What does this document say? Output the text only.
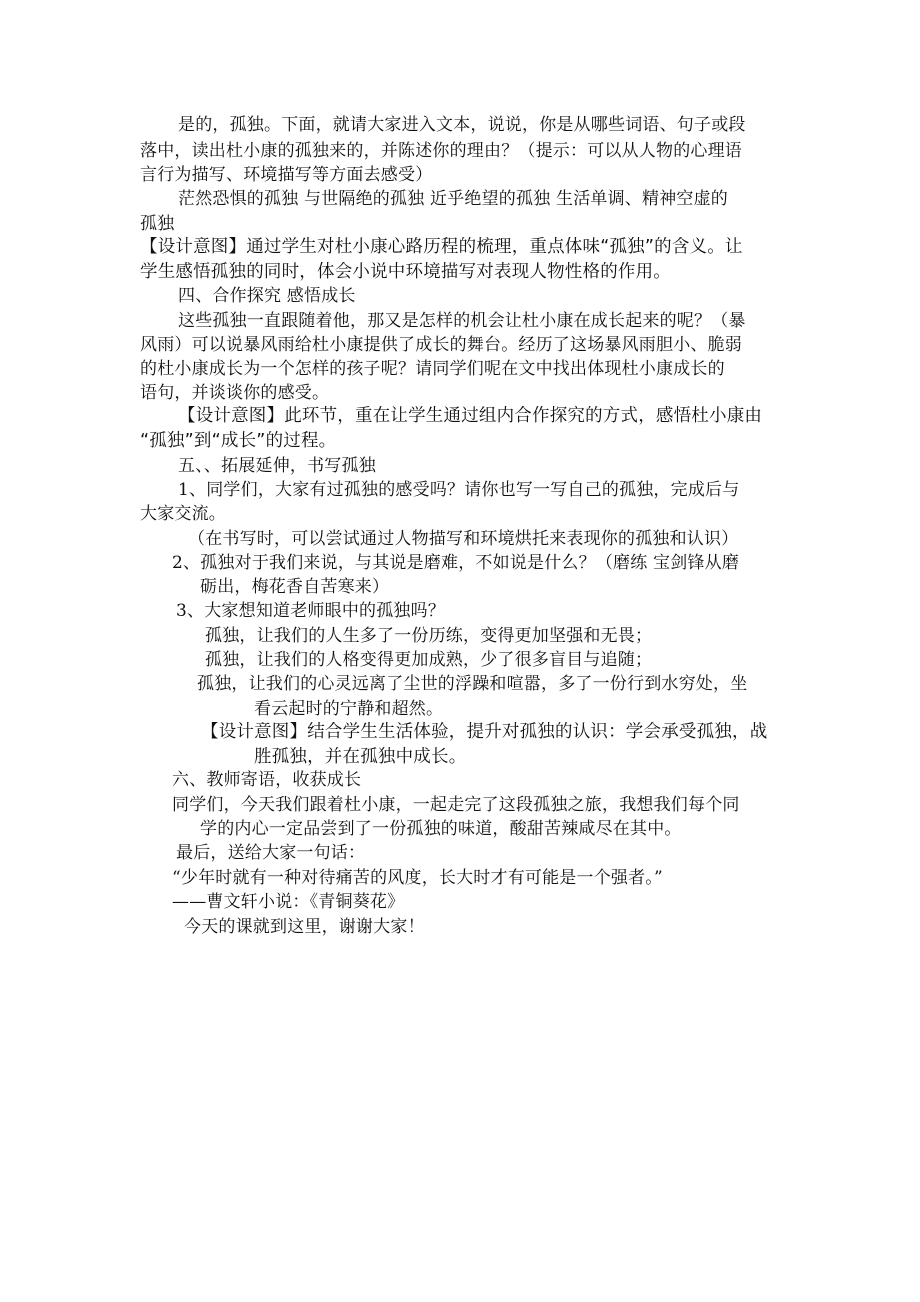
是的，孤独。下面，就请大家进入文本，说说，你是从哪些词语、句子或段
落中，读出杜小康的孤独来的，并陈述你的理由？（提示：可以从人物的心理语
言行为描写、环境描写等方面去感受）
茫然恐惧的孤独 与世隔绝的孤独 近乎绝望的孤独 生活单调、精神空虚的
孤独
【设计意图】通过学生对杜小康心路历程的梳理，重点体味“孤独”的含义。让
学生感悟孤独的同时，体会小说中环境描写对表现人物性格的作用。
四、合作探究 感悟成长
这些孤独一直跟随着他，那又是怎样的机会让杜小康在成长起来的呢？（暴
风雨）可以说暴风雨给杜小康提供了成长的舞台。经历了这场暴风雨胆小、脆弱
的杜小康成长为一个怎样的孩子呢？请同学们呢在文中找出体现杜小康成长的
语句，并谈谈你的感受。
【设计意图】此环节，重在让学生通过组内合作探究的方式，感悟杜小康由
“孤独”到“成长”的过程。
五、、拓展延伸，书写孤独
1、同学们，大家有过孤独的感受吗？请你也写一写自己的孤独，完成后与
大家交流。
（在书写时，可以尝试通过人物描写和环境烘托来表现你的孤独和认识）
2、孤独对于我们来说，与其说是磨难，不如说是什么？（磨练 宝剑锋从磨
砺出，梅花香自苦寒来）
3、大家想知道老师眼中的孤独吗？
孤独，让我们的人生多了一份历练，变得更加坚强和无畏；
孤独，让我们的人格变得更加成熟，少了很多盲目与追随；
孤独，让我们的心灵远离了尘世的浮躁和喧嚣，多了一份行到水穷处，坐
看云起时的宁静和超然。
【设计意图】结合学生生活体验，提升对孤独的认识：学会承受孤独，战
胜孤独，并在孤独中成长。
六、教师寄语，收获成长
同学们，今天我们跟着杜小康，一起走完了这段孤独之旅，我想我们每个同
学的内心一定品尝到了一份孤独的味道，酸甜苦辣咸尽在其中。
最后，送给大家一句话：
“少年时就有一种对待痛苦的风度，长大时才有可能是一个强者。”
——曹文轩小说：《青铜葵花》
今天的课就到这里，谢谢大家！
